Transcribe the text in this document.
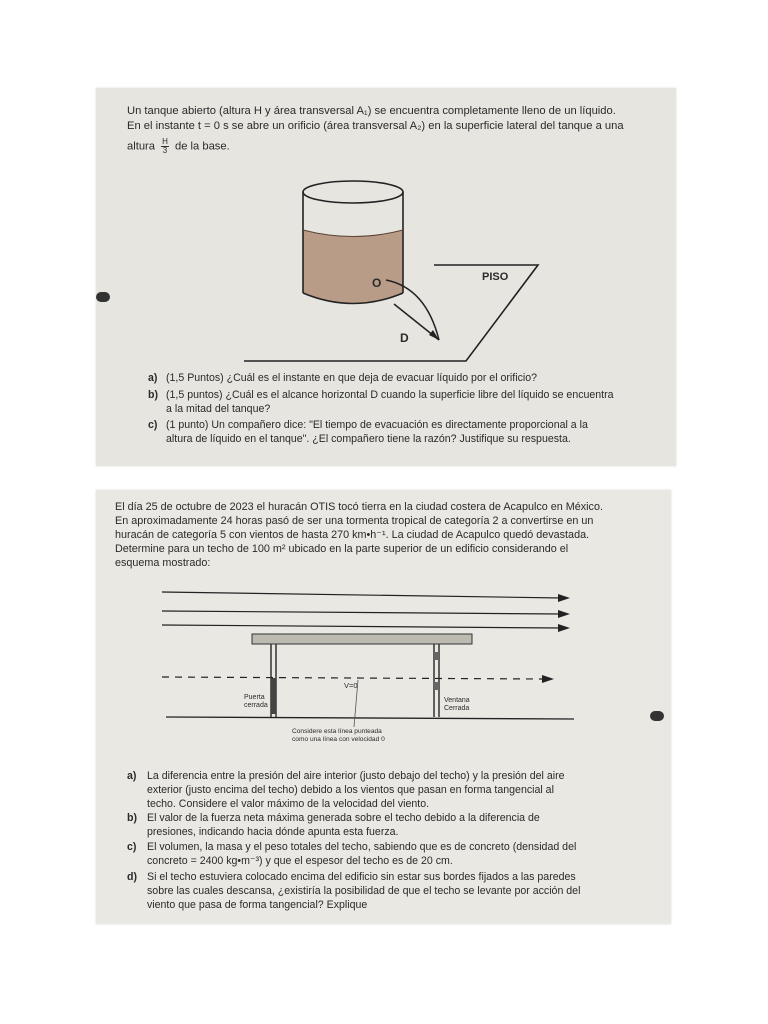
Un tanque abierto (altura H y área transversal A₁) se encuentra completamente lleno de un líquido.
En el instante t = 0 s se abre un orificio (área transversal A₂) en la superficie lateral del tanque a una
altura $\frac{H}{3}$ de la base.
O	PISO
D
a) (1,5 Puntos) ¿Cuál es el instante en que deja de evacuar líquido por el orificio?
b) (1,5 puntos) ¿Cuál es el alcance horizontal D cuando la superficie libre del líquido se encuentra
a la mitad del tanque?
c) (1 punto) Un compañero dice: "El tiempo de evacuación es directamente proporcional a la
altura de líquido en el tanque". ¿El compañero tiene la razón? Justifique su respuesta.
El día 25 de octubre de 2023 el huracán OTIS tocó tierra en la ciudad costera de Acapulco en México.
En aproximadamente 24 horas pasó de ser una tormenta tropical de categoría 2 a convertirse en un
huracán de categoría 5 con vientos de hasta 270 km•h⁻¹. La ciudad de Acapulco quedó devastada.
Determine para un techo de 100 m² ubicado en la parte superior de un edificio considerando el
esquema mostrado:
V=0
Puerta
cerrada
Ventana
Cerrada
Considere esta línea punteada
como una línea con velocidad 0
a) La diferencia entre la presión del aire interior (justo debajo del techo) y la presión del aire
exterior (justo encima del techo) debido a los vientos que pasan en forma tangencial al
techo. Considere el valor máximo de la velocidad del viento.
b) El valor de la fuerza neta máxima generada sobre el techo debido a la diferencia de
presiones, indicando hacia dónde apunta esta fuerza.
c) El volumen, la masa y el peso totales del techo, sabiendo que es de concreto (densidad del
concreto = 2400 kg•m⁻³) y que el espesor del techo es de 20 cm.
d) Si el techo estuviera colocado encima del edificio sin estar sus bordes fijados a las paredes
sobre las cuales descansa, ¿existiría la posibilidad de que el techo se levante por acción del
viento que pasa de forma tangencial? Explique
